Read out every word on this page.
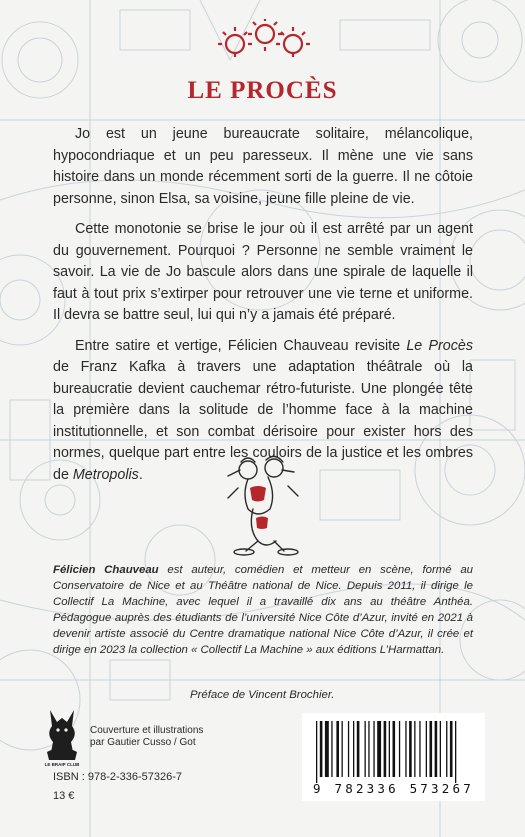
LE PROCÈS

Jo est un jeune bureaucrate solitaire, mélancolique, hypocondriaque et un peu paresseux. Il mène une vie sans histoire dans un monde récemment sorti de la guerre. Il ne côtoie personne, sinon Elsa, sa voisine, jeune fille pleine de vie.

Cette monotonie se brise le jour où il est arrêté par un agent du gouvernement. Pourquoi ? Personne ne semble vraiment le savoir. La vie de Jo bascule alors dans une spirale de laquelle il faut à tout prix s’extirper pour retrouver une vie terne et uniforme. Il devra se battre seul, lui qui n’y a jamais été préparé.

Entre satire et vertige, Félicien Chauveau revisite Le Procès de Franz Kafka à travers une adaptation théâtrale où la bureaucratie devient cauchemar rétro-futuriste. Une plongée tête la première dans la solitude de l’homme face à la machine institutionnelle, et son combat dérisoire pour exister hors des normes, quelque part entre les couloirs de la justice et les ombres de Metropolis.

Félicien Chauveau est auteur, comédien et metteur en scène, formé au Conservatoire de Nice et au Théâtre national de Nice. Depuis 2011, il dirige le Collectif La Machine, avec lequel il a travaillé dix ans au théâtre Anthéa. Pédagogue auprès des étudiants de l’université Nice Côte d’Azur, invité en 2021 à devenir artiste associé du Centre dramatique national Nice Côte d’Azur, il crée et dirige en 2023 la collection « Collectif La Machine » aux éditions L’Harmattan.
Préface de Vincent Brochier.
LE BRAIP CLUB
Couverture et illustrations
par Gautier Cusso / Got
ISBN : 978-2-336-57326-7
13 €	9 782336 573267
